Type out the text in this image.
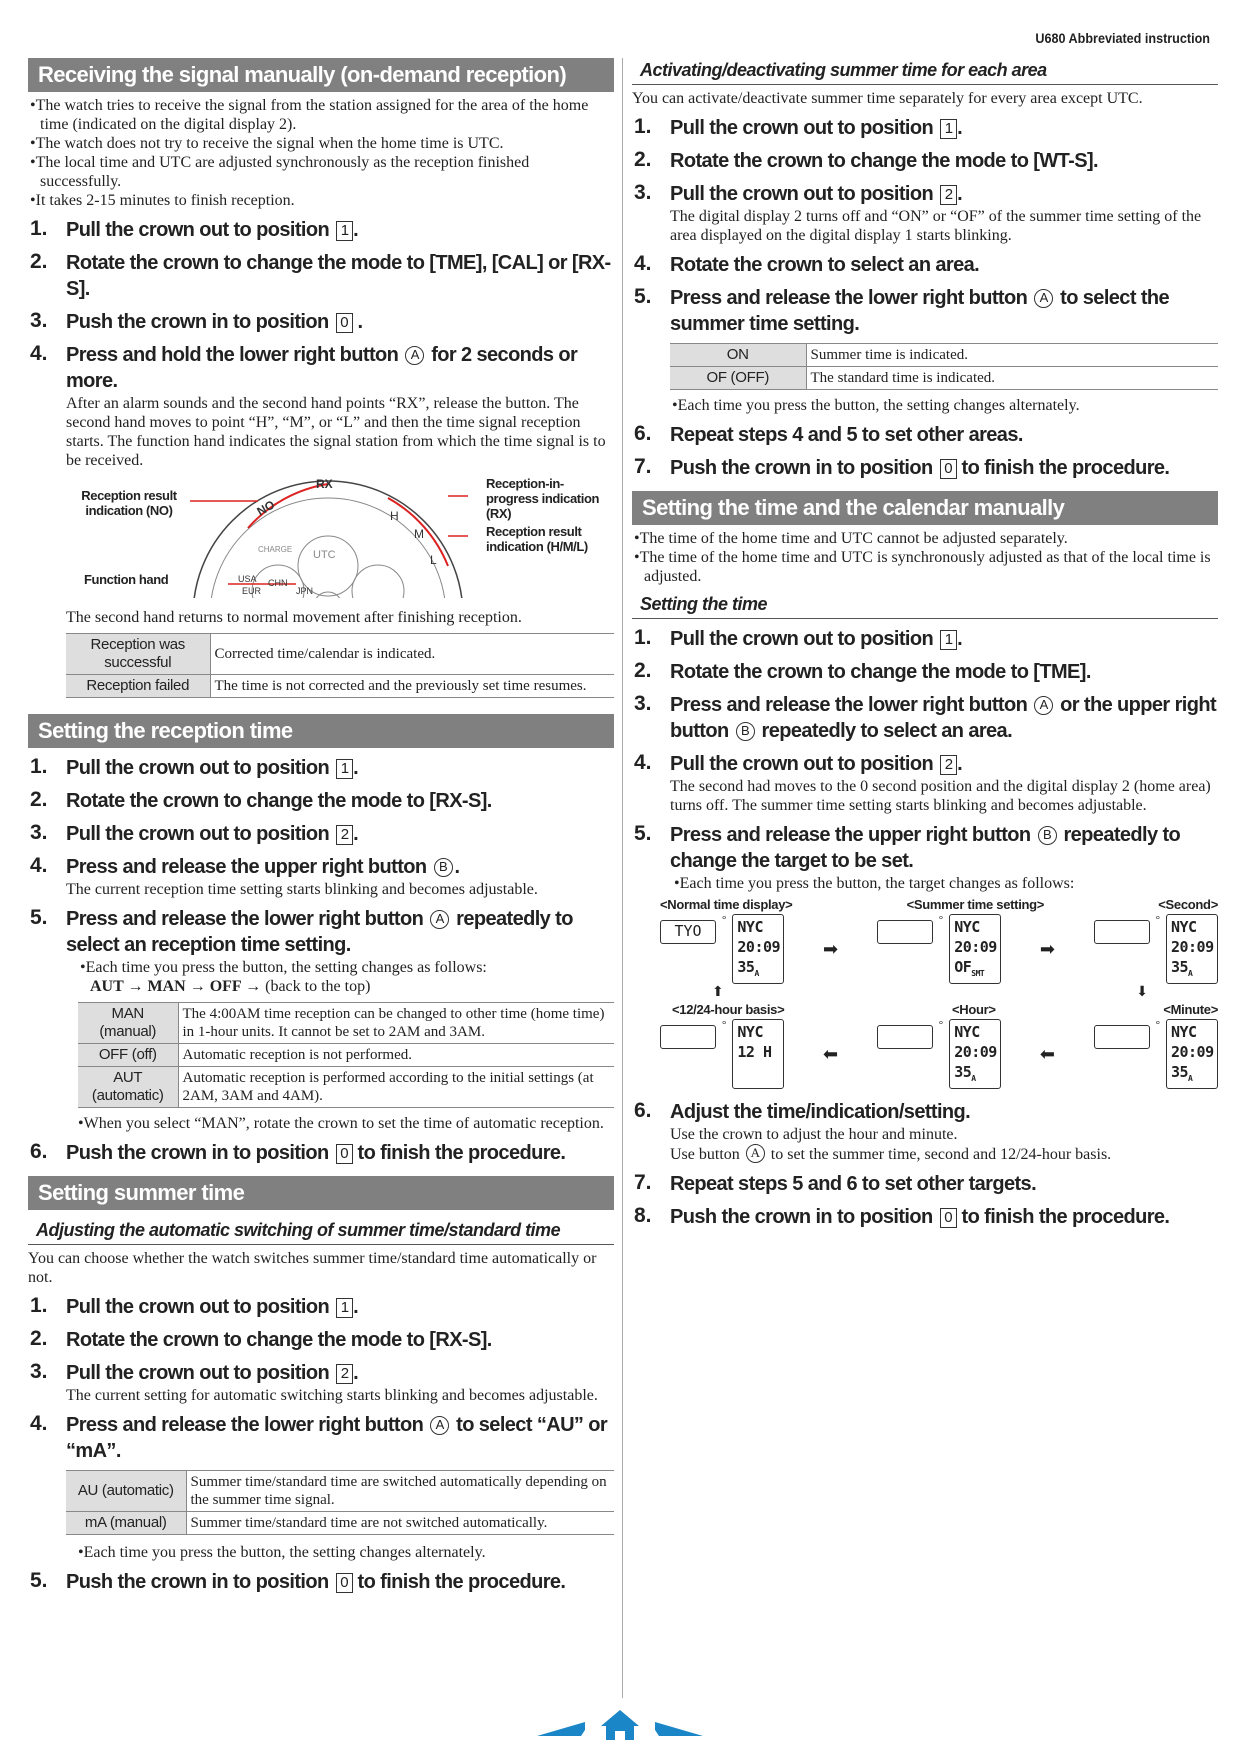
U680 Abbreviated instruction
Receiving the signal manually (on-demand reception)
• The watch tries to receive the signal from the station assigned for the area of the home time (indicated on the digital display 2).
• The watch does not try to receive the signal when the home time is UTC.
• The local time and UTC are adjusted synchronously as the reception finished successfully.
• It takes 2-15 minutes to finish reception.
1. Pull the crown out to position 1 .
2. Rotate the crown to change the mode to [TME], [CAL] or [RX-S].
3. Push the crown in to position 0 .
4. Press and hold the lower right button A for 2 seconds or more.
After an alarm sounds and the second hand points “RX”, release the button. The second hand moves to point “H”, “M”, or “L” and then the time signal reception starts. The function hand indicates the signal station from which the time signal is to be received.
Reception result indication (NO)
Function hand
Reception-in-progress indication (RX)
Reception result indication (H/M/L)
RX
NO	H
M
L
UTC
CHARGE
USA
EUR
CHN
JPN
The second hand returns to normal movement after finishing reception.
Reception was successful	Corrected time/calendar is indicated.
Reception failed	The time is not corrected and the previously set time resumes.
Setting the reception time
1. Pull the crown out to position 1 .
2. Rotate the crown to change the mode to [RX-S].
3. Pull the crown out to position 2 .
4. Press and release the upper right button B .
The current reception time setting starts blinking and becomes adjustable.
5. Press and release the lower right button A repeatedly to select an reception time setting.
• Each time you press the button, the setting changes as follows:
AUT → MAN → OFF → (back to the top)
MAN (manual)	The 4:00AM time reception can be changed to other time (home time) in 1-hour units. It cannot be set to 2AM and 3AM.
OFF (off)	Automatic reception is not performed.
AUT (automatic)	Automatic reception is performed according to the initial settings (at 2AM, 3AM and 4AM).
• When you select “MAN”, rotate the crown to set the time of automatic reception.
6. Push the crown in to position 0 to finish the procedure.
Setting summer time
Adjusting the automatic switching of summer time/standard time
You can choose whether the watch switches summer time/standard time automatically or not.
1. Pull the crown out to position 1 .
2. Rotate the crown to change the mode to [RX-S].
3. Pull the crown out to position 2 .
The current setting for automatic switching starts blinking and becomes adjustable.
4. Press and release the lower right button A to select “AU” or “mA”.
AU (automatic)	Summer time/standard time are switched automatically depending on the summer time signal.
mA (manual)	Summer time/standard time are not switched automatically.
• Each time you press the button, the setting changes alternately.
5. Push the crown in to position 0 to finish the procedure.
Activating/deactivating summer time for each area
You can activate/deactivate summer time separately for every area except UTC.
1. Pull the crown out to position 1 .
2. Rotate the crown to change the mode to [WT-S].
3. Pull the crown out to position 2 .
The digital display 2 turns off and “ON” or “OF” of the summer time setting of the area displayed on the digital display 1 starts blinking.
4. Rotate the crown to select an area.
5. Press and release the lower right button A to select the summer time setting.
ON	Summer time is indicated.
OF (OFF)	The standard time is indicated.
• Each time you press the button, the setting changes alternately.
6. Repeat steps 4 and 5 to set other areas.
7. Push the crown in to position 0 to finish the procedure.
Setting the time and the calendar manually
• The time of the home time and UTC cannot be adjusted separately.
• The time of the home time and UTC is synchronously adjusted as that of the local time is adjusted.
Setting the time
1. Pull the crown out to position 1 .
2. Rotate the crown to change the mode to [TME].
3. Press and release the lower right button A or the upper right button B repeatedly to select an area.
4. Pull the crown out to position 2 .
The second had moves to the 0 second position and the digital display 2 (home area) turns off. The summer time setting starts blinking and becomes adjustable.
5. Press and release the upper right button B repeatedly to change the target to be set.
• Each time you press the button, the target changes as follows:
<Normal time display>	<Summer time setting>	<Second>
TYO
° NYC
20:09
$35_A$
➡
° NYC
20:09
$OF_{SMT}$
➡
° NYC
20:09
$35_A$
⬆	⬇
<12/24-hour basis>	<Hour>	<Minute>
° NYC
12 H	⬅
° NYC
20:09
$35_A$
⬅
° NYC
20:09
$35_A$
6. Adjust the time/indication/setting.
Use the crown to adjust the hour and minute.
Use button A to set the summer time, second and 12/24-hour basis.
7. Repeat steps 5 and 6 to set other targets.
8. Push the crown in to position 0 to finish the procedure.
